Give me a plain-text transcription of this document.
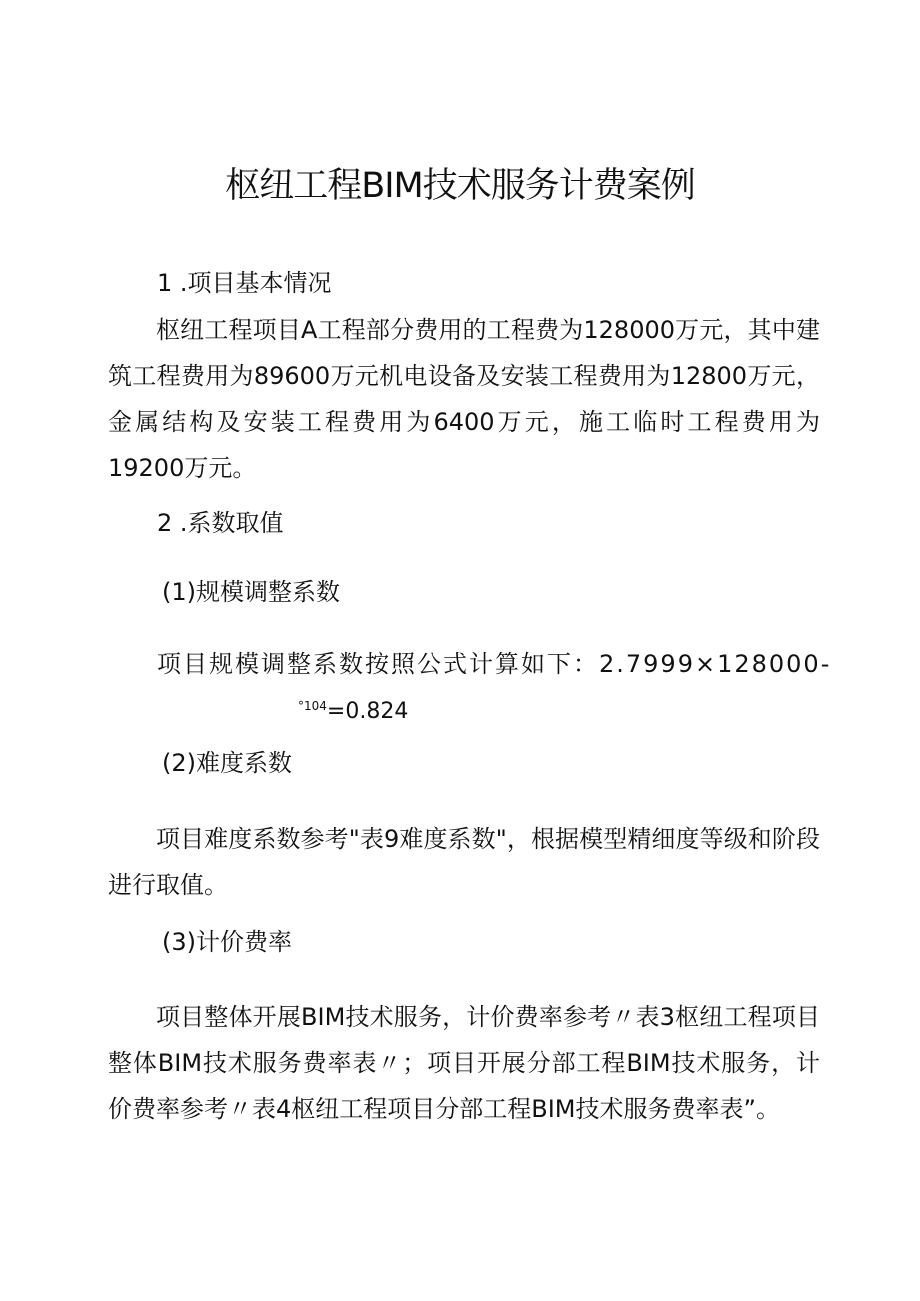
枢纽工程BIM技术服务计费案例
1 .项目基本情况

枢纽工程项目A工程部分费用的工程费为128000万元，其中建筑工程费用为89600万元机电设备及安装工程费用为12800万元，金属结构及安装工程费用为6400万元，施工临时工程费用为19200万元。

2 .系数取值
(1)规模调整系数
项目规模调整系数按照公式计算如下：2.7999×128000-
$^{^\circ 104}$=0.824
(2)难度系数

项目难度系数参考"表9难度系数"，根据模型精细度等级和阶段进行取值。

(3)计价费率

项目整体开展BIM技术服务，计价费率参考〃表3枢纽工程项目整体BIM技术服务费率表〃；项目开展分部工程BIM技术服务，计价费率参考〃表4枢纽工程项目分部工程BIM技术服务费率表”。
